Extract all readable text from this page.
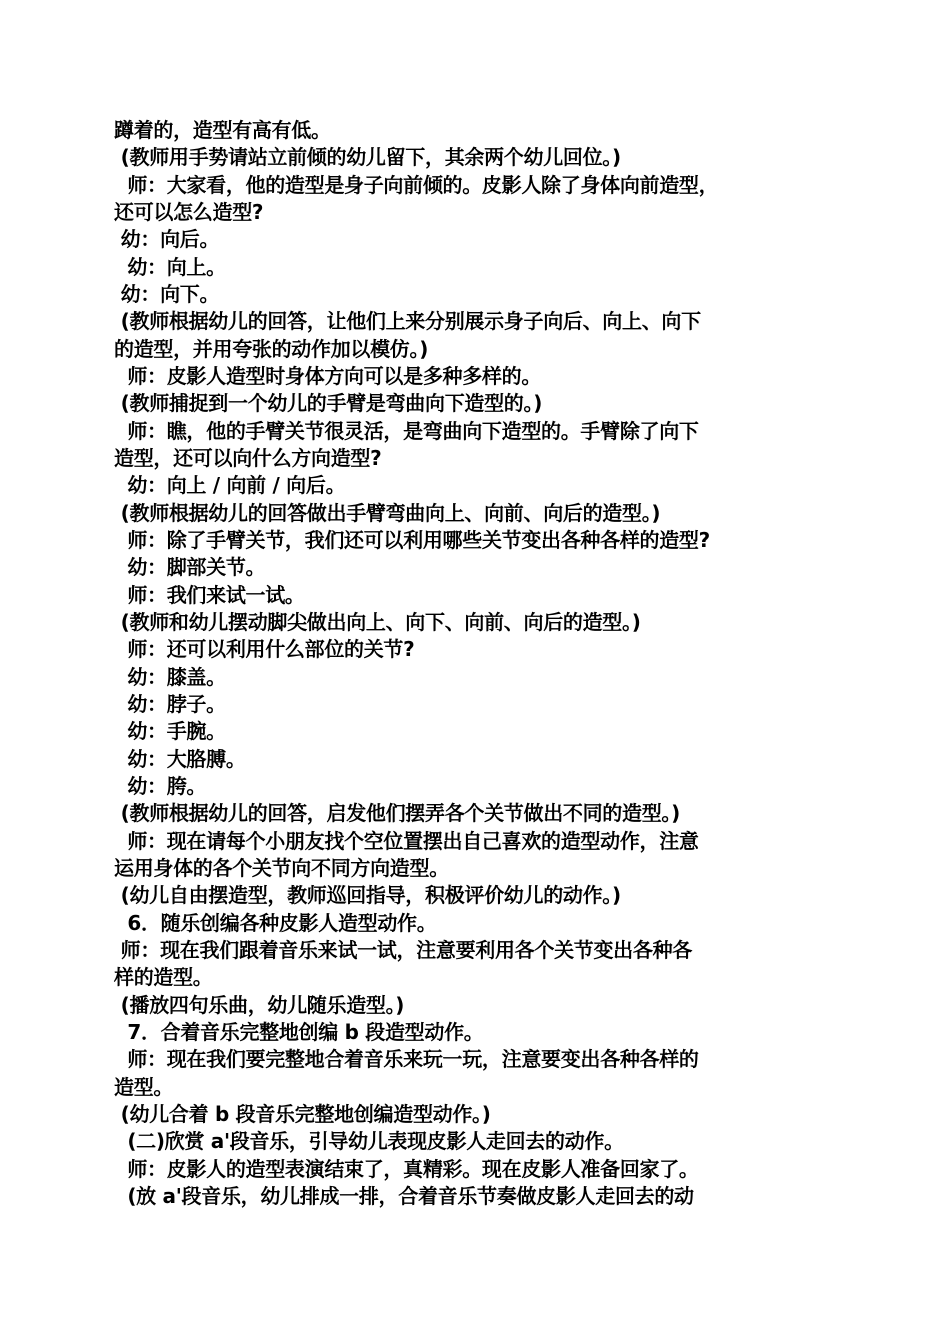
蹲着的，造型有高有低。
(教师用手势请站立前倾的幼儿留下，其余两个幼儿回位。)
师：大家看，他的造型是身子向前倾的。皮影人除了身体向前造型，
还可以怎么造型?
幼：向后。
幼：向上。
幼：向下。
(教师根据幼儿的回答，让他们上来分别展示身子向后、向上、向下
的造型，并用夸张的动作加以模仿。)
师：皮影人造型时身体方向可以是多种多样的。
(教师捕捉到一个幼儿的手臂是弯曲向下造型的。)
师：瞧，他的手臂关节很灵活，是弯曲向下造型的。手臂除了向下
造型，还可以向什么方向造型?
幼：向上 / 向前 / 向后。
(教师根据幼儿的回答做出手臂弯曲向上、向前、向后的造型。)
师：除了手臂关节，我们还可以利用哪些关节变出各种各样的造型?
幼：脚部关节。
师：我们来试一试。
(教师和幼儿摆动脚尖做出向上、向下、向前、向后的造型。)
师：还可以利用什么部位的关节?
幼：膝盖。
幼：脖子。
幼：手腕。
幼：大胳膊。
幼：胯。
(教师根据幼儿的回答，启发他们摆弄各个关节做出不同的造型。)
师：现在请每个小朋友找个空位置摆出自己喜欢的造型动作，注意
运用身体的各个关节向不同方向造型。
(幼儿自由摆造型，教师巡回指导，积极评价幼儿的动作。)
6．随乐创编各种皮影人造型动作。
师：现在我们跟着音乐来试一试，注意要利用各个关节变出各种各
样的造型。
(播放四句乐曲，幼儿随乐造型。)
7．合着音乐完整地创编 b 段造型动作。
师：现在我们要完整地合着音乐来玩一玩，注意要变出各种各样的
造型。
(幼儿合着 b 段音乐完整地创编造型动作。)
(二)欣赏 a'段音乐，引导幼儿表现皮影人走回去的动作。
师：皮影人的造型表演结束了，真精彩。现在皮影人准备回家了。
(放 a'段音乐，幼儿排成一排，合着音乐节奏做皮影人走回去的动
